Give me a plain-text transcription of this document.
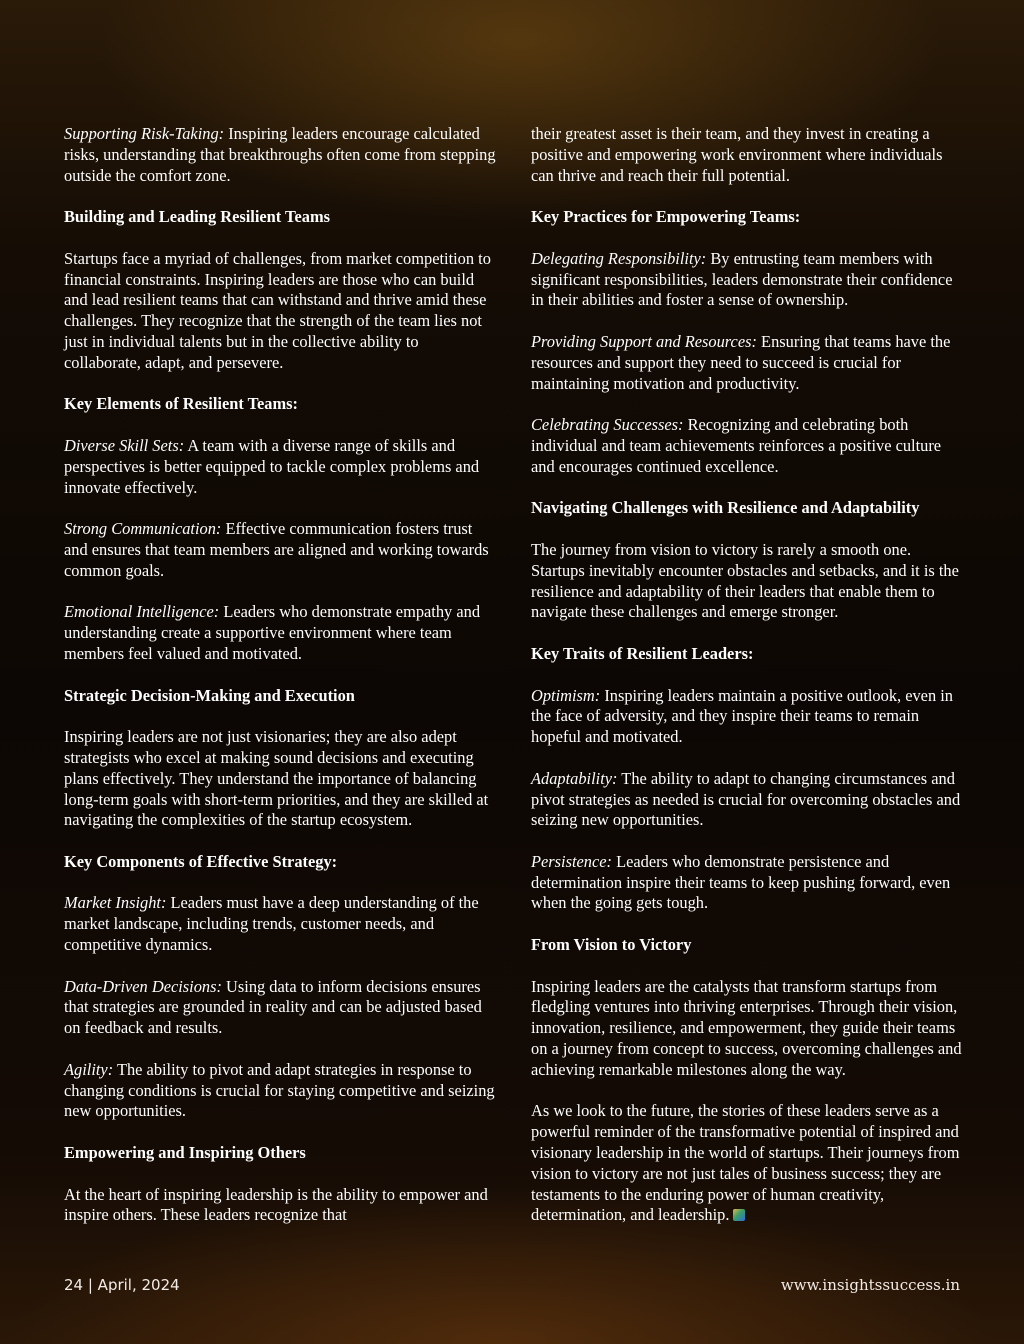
Supporting Risk-Taking: Inspiring leaders encourage calculated risks, understanding that breakthroughs often come from stepping outside the comfort zone.

Building and Leading Resilient Teams

Startups face a myriad of challenges, from market competition to financial constraints. Inspiring leaders are those who can build and lead resilient teams that can withstand and thrive amid these challenges. They recognize that the strength of the team lies not just in individual talents but in the collective ability to collaborate, adapt, and persevere.

Key Elements of Resilient Teams:

Diverse Skill Sets: A team with a diverse range of skills and perspectives is better equipped to tackle complex problems and innovate effectively.

Strong Communication: Effective communication fosters trust and ensures that team members are aligned and working towards common goals.

Emotional Intelligence: Leaders who demonstrate empathy and understanding create a supportive environment where team members feel valued and motivated.

Strategic Decision-Making and Execution

Inspiring leaders are not just visionaries; they are also adept strategists who excel at making sound decisions and executing plans effectively. They understand the importance of balancing long-term goals with short-term priorities, and they are skilled at navigating the complexities of the startup ecosystem.

Key Components of Effective Strategy:

Market Insight: Leaders must have a deep understanding of the market landscape, including trends, customer needs, and competitive dynamics.

Data-Driven Decisions: Using data to inform decisions ensures that strategies are grounded in reality and can be adjusted based on feedback and results.

Agility: The ability to pivot and adapt strategies in response to changing conditions is crucial for staying competitive and seizing new opportunities.

Empowering and Inspiring Others

At the heart of inspiring leadership is the ability to empower and inspire others. These leaders recognize that

their greatest asset is their team, and they invest in creating a positive and empowering work environment where individuals can thrive and reach their full potential.

Key Practices for Empowering Teams:

Delegating Responsibility: By entrusting team members with significant responsibilities, leaders demonstrate their confidence in their abilities and foster a sense of ownership.

Providing Support and Resources: Ensuring that teams have the resources and support they need to succeed is crucial for maintaining motivation and productivity.

Celebrating Successes: Recognizing and celebrating both individual and team achievements reinforces a positive culture and encourages continued excellence.

Navigating Challenges with Resilience and Adaptability

The journey from vision to victory is rarely a smooth one. Startups inevitably encounter obstacles and setbacks, and it is the resilience and adaptability of their leaders that enable them to navigate these challenges and emerge stronger.

Key Traits of Resilient Leaders:

Optimism: Inspiring leaders maintain a positive outlook, even in the face of adversity, and they inspire their teams to remain hopeful and motivated.

Adaptability: The ability to adapt to changing circumstances and pivot strategies as needed is crucial for overcoming obstacles and seizing new opportunities.

Persistence: Leaders who demonstrate persistence and determination inspire their teams to keep pushing forward, even when the going gets tough.

From Vision to Victory

Inspiring leaders are the catalysts that transform startups from fledgling ventures into thriving enterprises. Through their vision, innovation, resilience, and empowerment, they guide their teams on a journey from concept to success, overcoming challenges and achieving remarkable milestones along the way.

As we look to the future, the stories of these leaders serve as a powerful reminder of the transformative potential of inspired and visionary leadership in the world of startups. Their journeys from vision to victory are not just tales of business success; they are testaments to the enduring power of human creativity, determination, and leadership.

24 | April, 2024	www.insightssuccess.in
